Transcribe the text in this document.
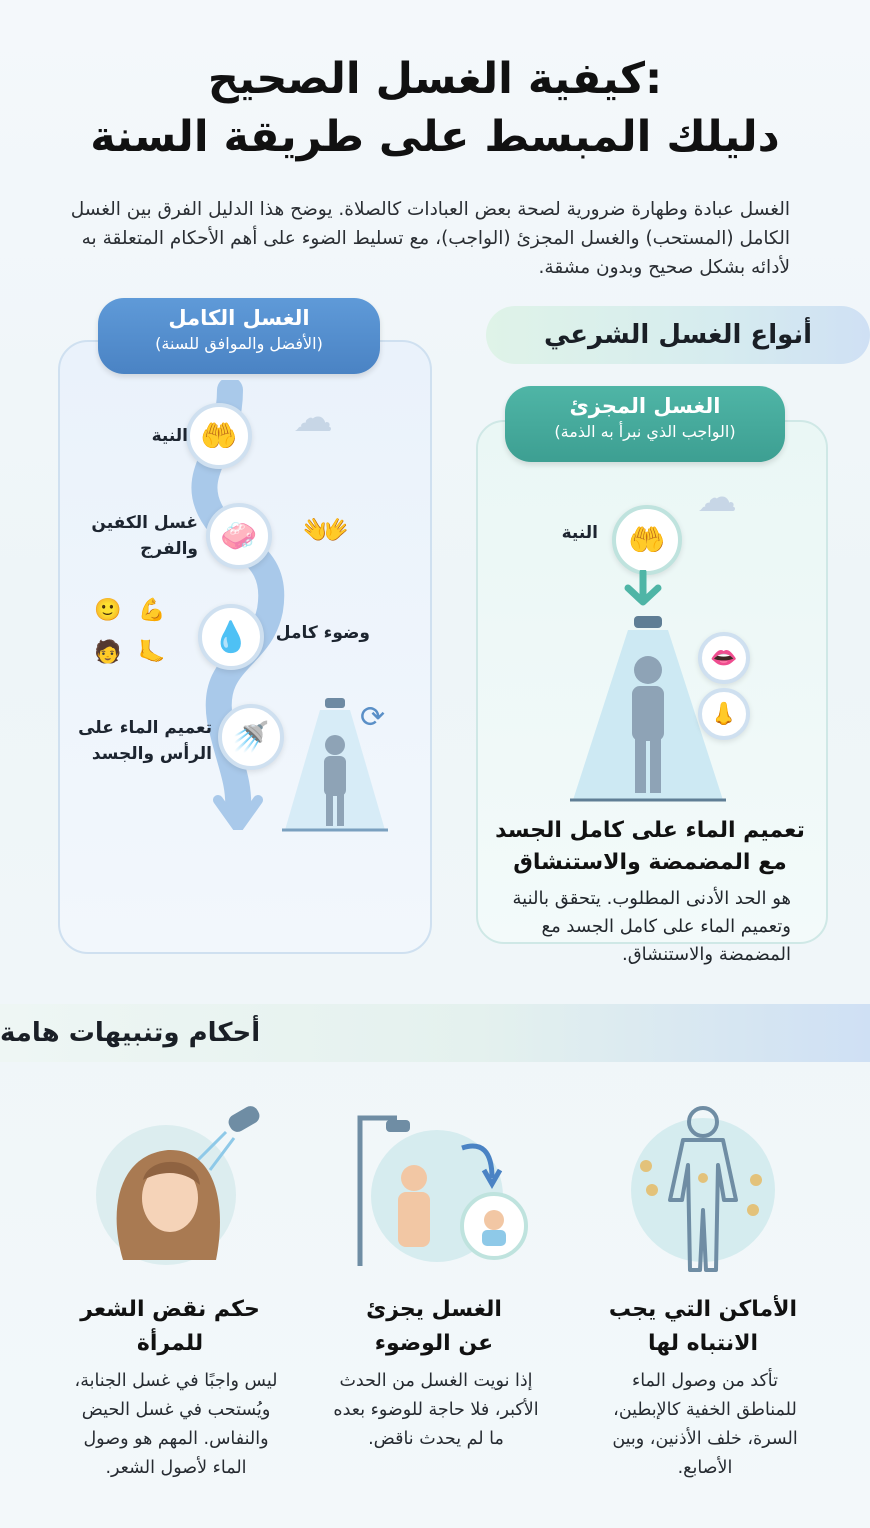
كيفية الغسل الصحيح:
دليلك المبسط على طريقة السنة
الغسل عبادة وطهارة ضرورية لصحة بعض العبادات كالصلاة. يوضح هذا الدليل الفرق بين الغسل الكامل (المستحب) والغسل المجزئ (الواجب)، مع تسليط الضوء على أهم الأحكام المتعلقة به لأدائه بشكل صحيح وبدون مشقة.
أنواع الغسل الشرعي
الغسل الكامل
(الأفضل والموافق للسنة)
🤲
🧼
💧
🚿
النية
غسل الكفين والفرج
وضوء كامل
تعميم الماء على الرأس والجسد
☁
👐
🙂 💪
🧑 🦶
⟳
الغسل المجزئ
(الواجب الذي نبرأ به الذمة)
🤲
النية
☁
👄
👃
تعميم الماء على كامل الجسد
مع المضمضة والاستنشاق
هو الحد الأدنى المطلوب. يتحقق بالنية وتعميم الماء على كامل الجسد مع المضمضة والاستنشاق.
أحكام وتنبيهات هامة
الأماكن التي يجب
الانتباه لها
تأكد من وصول الماء للمناطق الخفية كالإبطين، السرة، خلف الأذنين، وبين الأصابع.
الغسل يجزئ
عن الوضوء
إذا نويت الغسل من الحدث الأكبر، فلا حاجة للوضوء بعده ما لم يحدث ناقض.
حكم نقض الشعر
للمرأة
ليس واجبًا في غسل الجنابة، ويُستحب في غسل الحيض والنفاس. المهم هو وصول الماء لأصول الشعر.
